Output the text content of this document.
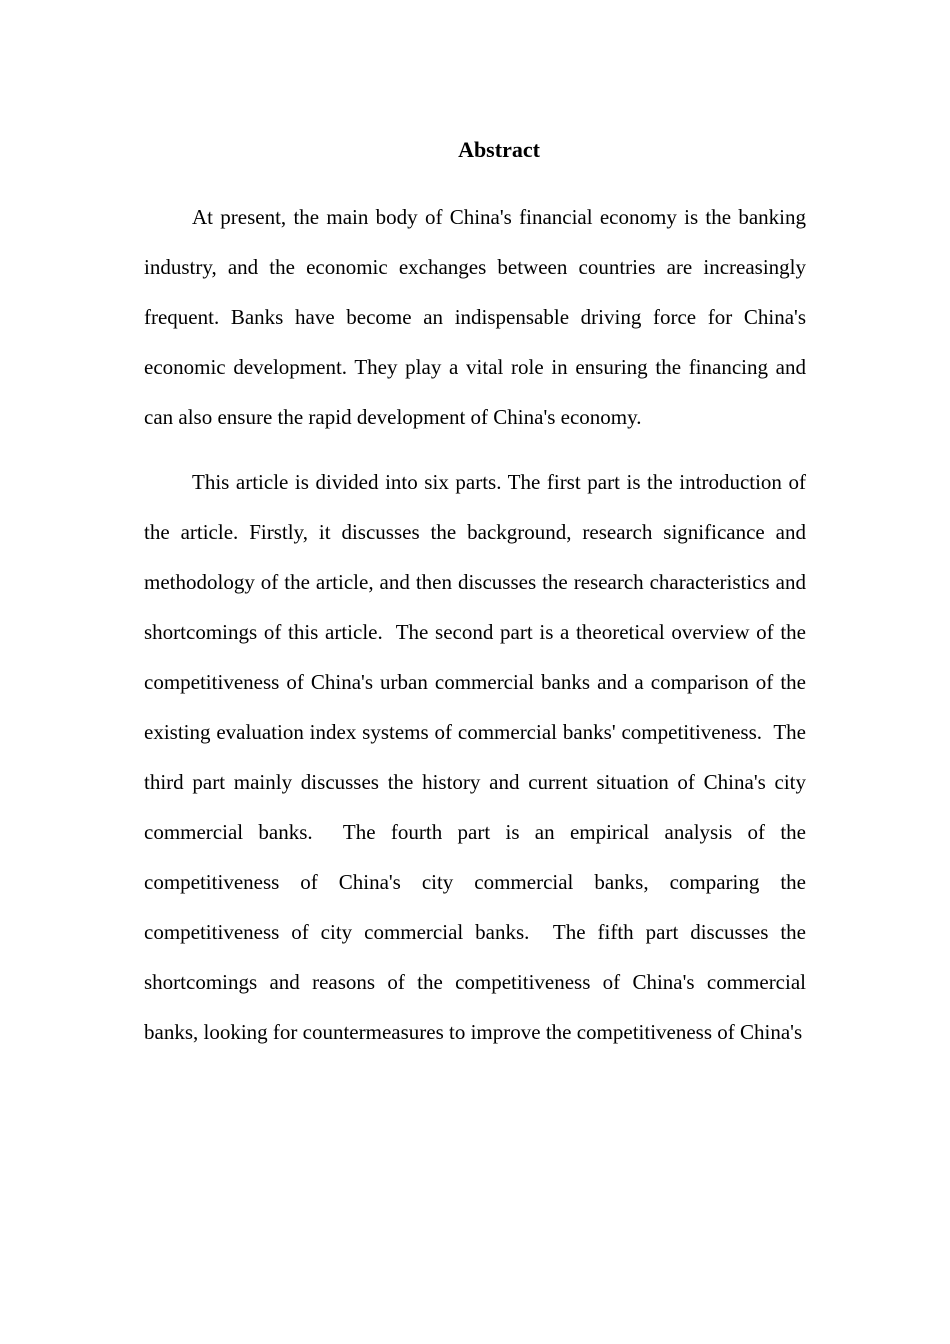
Abstract

At present, the main body of China's financial economy is the banking industry, and the economic exchanges between countries are increasingly frequent. Banks have become an indispensable driving force for China's economic development. They play a vital role in ensuring the financing and can also ensure the rapid development of China's economy.

This article is divided into six parts. The first part is the introduction of the article. Firstly, it discusses the background, research significance and methodology of the article, and then discusses the research characteristics and shortcomings of this article.  The second part is a theoretical overview of the competitiveness of China's urban commercial banks and a comparison of the existing evaluation index systems of commercial banks' competitiveness.  The third part mainly discusses the history and current situation of China's city commercial banks.  The fourth part is an empirical analysis of the competitiveness of China's city commercial banks, comparing the competitiveness of city commercial banks.  The fifth part discusses the shortcomings and reasons of the competitiveness of China's commercial banks, looking for countermeasures to improve the competitiveness of China's
